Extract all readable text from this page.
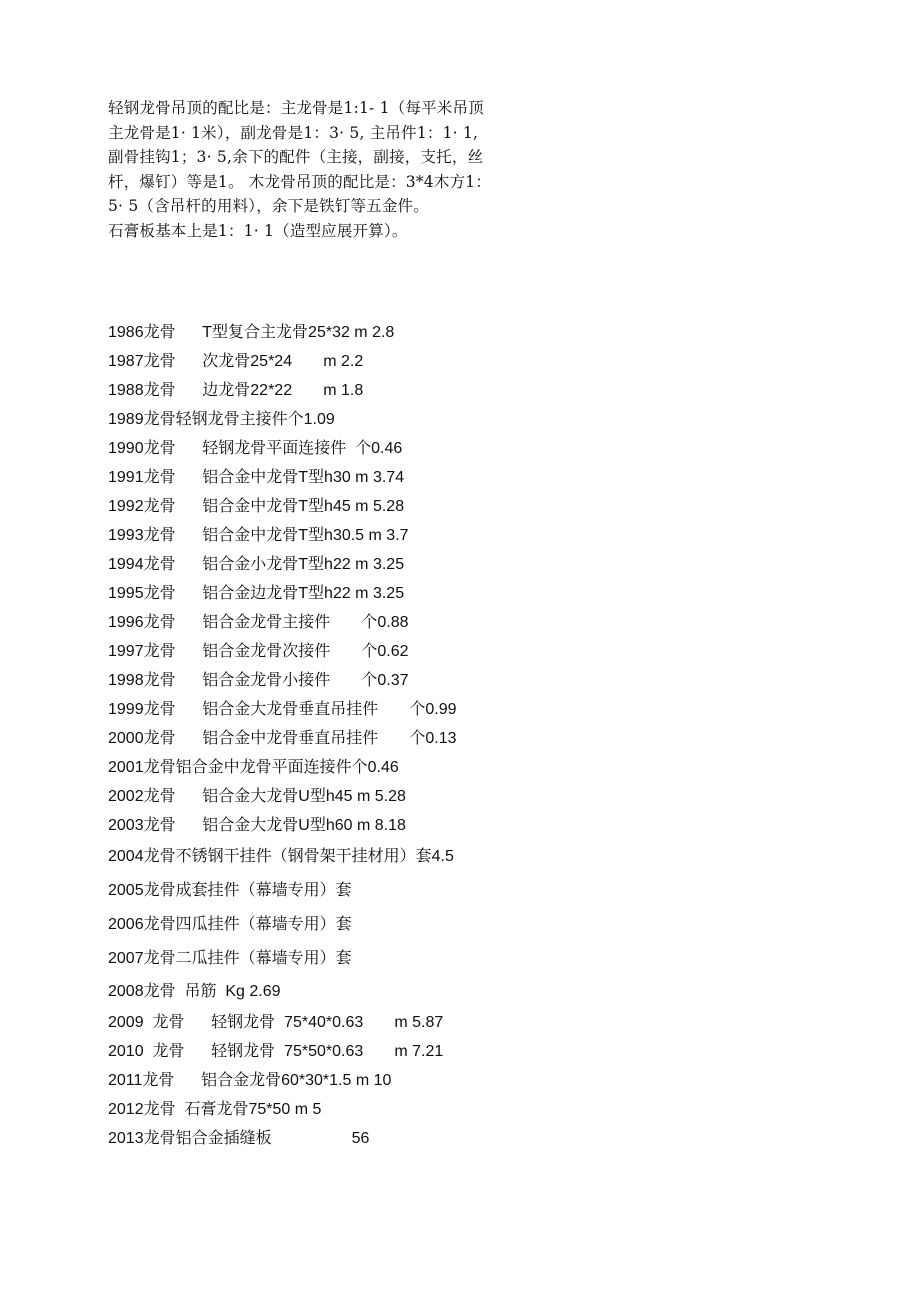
轻钢龙骨吊顶的配比是：主龙骨是1:1- 1（每平米吊顶

主龙骨是1· 1米），副龙骨是1：3· 5, 主吊件1：1· 1,

副骨挂钩1；3· 5,余下的配件（主接，副接，支托，丝

杆，爆钉）等是1。 木龙骨吊顶的配比是：3*4木方1：

5· 5（含吊杆的用料），余下是铁钉等五金件。

石膏板基本上是1：1· 1（造型应展开算）。

1986龙骨      T型复合主龙骨25*32 m 2.8
1987龙骨      次龙骨25*24       m 2.2
1988龙骨      边龙骨22*22       m 1.8
1989龙骨轻钢龙骨主接件个1.09
1990龙骨      轻钢龙骨平面连接件  个0.46
1991龙骨      铝合金中龙骨T型h30 m 3.74
1992龙骨      铝合金中龙骨T型h45 m 5.28
1993龙骨      铝合金中龙骨T型h30.5 m 3.7
1994龙骨      铝合金小龙骨T型h22 m 3.25
1995龙骨      铝合金边龙骨T型h22 m 3.25
1996龙骨      铝合金龙骨主接件       个0.88
1997龙骨      铝合金龙骨次接件       个0.62
1998龙骨      铝合金龙骨小接件       个0.37
1999龙骨      铝合金大龙骨垂直吊挂件       个0.99
2000龙骨      铝合金中龙骨垂直吊挂件       个0.13
2001龙骨铝合金中龙骨平面连接件个0.46
2002龙骨      铝合金大龙骨U型h45 m 5.28
2003龙骨      铝合金大龙骨U型h60 m 8.18
2004龙骨不锈钢干挂件（钢骨架干挂材用）套4.5
2005龙骨成套挂件（幕墙专用）套
2006龙骨四瓜挂件（幕墙专用）套
2007龙骨二瓜挂件（幕墙专用）套
2008龙骨  吊筋  Kg 2.69
2009  龙骨      轻钢龙骨  75*40*0.63       m 5.87
2010  龙骨      轻钢龙骨  75*50*0.63       m 7.21
2011龙骨      铝合金龙骨60*30*1.5 m 10
2012龙骨  石膏龙骨75*50 m 5
2013龙骨铝合金插缝板                  56
